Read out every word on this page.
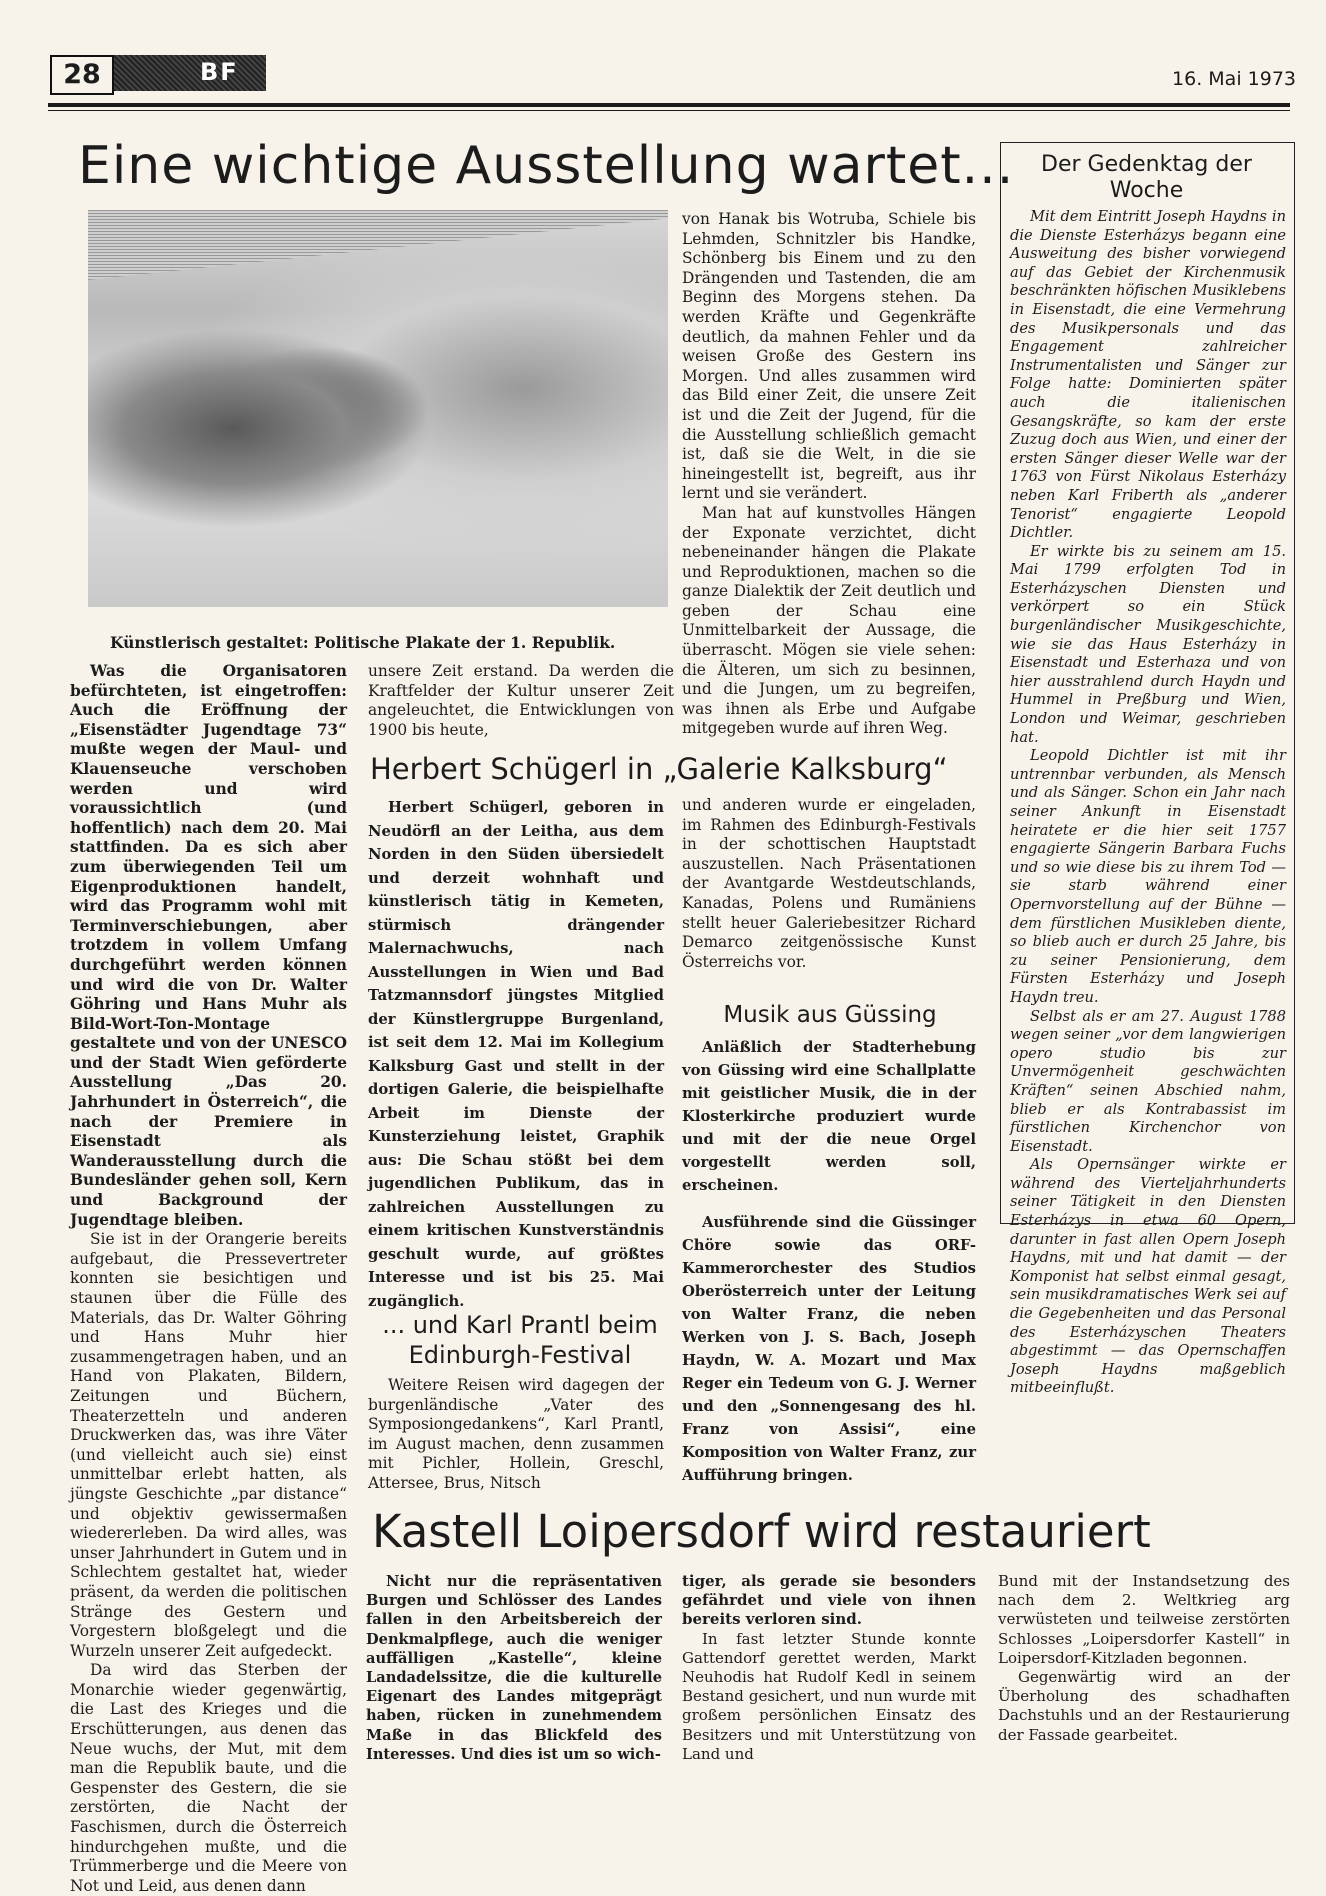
28	BF	16. Mai 1973
Eine wichtige Ausstellung wartet...
Künstlerisch gestaltet: Politische Plakate der 1. Republik.

Was die Organisatoren befürchteten, ist eingetroffen: Auch die Eröffnung der „Eisenstädter Jugendtage 73“ mußte wegen der Maul- und Klauenseuche verschoben werden und wird voraussichtlich (und hoffentlich) nach dem 20. Mai stattfinden. Da es sich aber zum überwiegenden Teil um Eigenproduktionen handelt, wird das Programm wohl mit Terminverschiebungen, aber trotzdem in vollem Umfang durchgeführt werden können und wird die von Dr. Walter Göhring und Hans Muhr als Bild-Wort-Ton-Montage gestaltete und von der UNESCO und der Stadt Wien geförderte Ausstellung „Das 20. Jahrhundert in Österreich“, die nach der Premiere in Eisenstadt als Wanderausstellung durch die Bundesländer gehen soll, Kern und Background der Jugendtage bleiben.

Sie ist in der Orangerie bereits aufgebaut, die Pressevertreter konnten sie besichtigen und staunen über die Fülle des Materials, das Dr. Walter Göhring und Hans Muhr hier zusammengetragen haben, und an Hand von Plakaten, Bildern, Zeitungen und Büchern, Theaterzetteln und anderen Druckwerken das, was ihre Väter (und vielleicht auch sie) einst unmittelbar erlebt hatten, als jüngste Geschichte „par distance“ und objektiv gewissermaßen wiedererleben. Da wird alles, was unser Jahrhundert in Gutem und in Schlechtem gestaltet hat, wieder präsent, da werden die politischen Stränge des Gestern und Vorgestern bloßgelegt und die Wurzeln unserer Zeit aufgedeckt.

Da wird das Sterben der Monarchie wieder gegenwärtig, die Last des Krieges und die Erschütterungen, aus denen das Neue wuchs, der Mut, mit dem man die Republik baute, und die Gespenster des Gestern, die sie zerstörten, die Nacht der Faschismen, durch die Österreich hindurchgehen mußte, und die Trümmerberge und die Meere von Not und Leid, aus denen dann

unsere Zeit erstand. Da werden die Kraftfelder der Kultur unserer Zeit angeleuchtet, die Entwicklungen von 1900 bis heute,

von Hanak bis Wotruba, Schiele bis Lehmden, Schnitzler bis Handke, Schönberg bis Einem und zu den Drängenden und Tastenden, die am Beginn des Morgens stehen. Da werden Kräfte und Gegenkräfte deutlich, da mahnen Fehler und da weisen Große des Gestern ins Morgen. Und alles zusammen wird das Bild einer Zeit, die unsere Zeit ist und die Zeit der Jugend, für die die Ausstellung schließlich gemacht ist, daß sie die Welt, in die sie hineingestellt ist, begreift, aus ihr lernt und sie verändert.

Man hat auf kunstvolles Hängen der Exponate verzichtet, dicht nebeneinander hängen die Plakate und Reproduktionen, machen so die ganze Dialektik der Zeit deutlich und geben der Schau eine Unmittelbarkeit der Aussage, die überrascht. Mögen sie viele sehen: die Älteren, um sich zu besinnen, und die Jungen, um zu begreifen, was ihnen als Erbe und Aufgabe mitgegeben wurde auf ihren Weg.

Herbert Schügerl in „Galerie Kalksburg“

Herbert Schügerl, geboren in Neudörfl an der Leitha, aus dem Norden in den Süden übersiedelt und derzeit wohnhaft und künstlerisch tätig in Kemeten, stürmisch drängender Malernachwuchs, nach Ausstellungen in Wien und Bad Tatzmannsdorf jüngstes Mitglied der Künstlergruppe Burgenland, ist seit dem 12. Mai im Kollegium Kalksburg Gast und stellt in der dortigen Galerie, die beispielhafte Arbeit im Dienste der Kunsterziehung leistet, Graphik aus: Die Schau stößt bei dem jugendlichen Publikum, das in zahlreichen Ausstellungen zu einem kritischen Kunstverständnis geschult wurde, auf größtes Interesse und ist bis 25. Mai zugänglich.

und anderen wurde er eingeladen, im Rahmen des Edinburgh-Festivals in der schottischen Hauptstadt auszustellen. Nach Präsentationen der Avantgarde Westdeutschlands, Kanadas, Polens und Rumäniens stellt heuer Galeriebesitzer Richard Demarco zeitgenössische Kunst Österreichs vor.

... und Karl Prantl beim Edinburgh-Festival

Weitere Reisen wird dagegen der burgenländische „Vater des Symposiongedankens“, Karl Prantl, im August machen, denn zusammen mit Pichler, Hollein, Greschl, Attersee, Brus, Nitsch

Musik aus Güssing

Anläßlich der Stadterhebung von Güssing wird eine Schallplatte mit geistlicher Musik, die in der Klosterkirche produziert wurde und mit der die neue Orgel vorgestellt werden soll, erscheinen.

Ausführende sind die Güssinger Chöre sowie das ORF-Kammerorchester des Studios Oberösterreich unter der Leitung von Walter Franz, die neben Werken von J. S. Bach, Joseph Haydn, W. A. Mozart und Max Reger ein Tedeum von G. J. Werner und den „Sonnengesang des hl. Franz von Assisi“, eine Komposition von Walter Franz, zur Aufführung bringen.

Der Gedenktag der Woche

Mit dem Eintritt Joseph Haydns in die Dienste Esterházys begann eine Ausweitung des bisher vorwiegend auf das Gebiet der Kirchenmusik beschränkten höfischen Musiklebens in Eisenstadt, die eine Vermehrung des Musikpersonals und das Engagement zahlreicher Instrumentalisten und Sänger zur Folge hatte: Dominierten später auch die italienischen Gesangskräfte, so kam der erste Zuzug doch aus Wien, und einer der ersten Sänger dieser Welle war der 1763 von Fürst Nikolaus Esterházy neben Karl Friberth als „anderer Tenorist“ engagierte Leopold Dichtler.

Er wirkte bis zu seinem am 15. Mai 1799 erfolgten Tod in Esterházyschen Diensten und verkörpert so ein Stück burgenländischer Musikgeschichte, wie sie das Haus Esterházy in Eisenstadt und Esterhaza und von hier ausstrahlend durch Haydn und Hummel in Preßburg und Wien, London und Weimar, geschrieben hat.

Leopold Dichtler ist mit ihr untrennbar verbunden, als Mensch und als Sänger. Schon ein Jahr nach seiner Ankunft in Eisenstadt heiratete er die hier seit 1757 engagierte Sängerin Barbara Fuchs und so wie diese bis zu ihrem Tod — sie starb während einer Opernvorstellung auf der Bühne — dem fürstlichen Musikleben diente, so blieb auch er durch 25 Jahre, bis zu seiner Pensionierung, dem Fürsten Esterházy und Joseph Haydn treu.

Selbst als er am 27. August 1788 wegen seiner „vor dem langwierigen opero studio bis zur Unvermögenheit geschwächten Kräften“ seinen Abschied nahm, blieb er als Kontrabassist im fürstlichen Kirchenchor von Eisenstadt.

Als Opernsänger wirkte er während des Vierteljahrhunderts seiner Tätigkeit in den Diensten Esterházys in etwa 60 Opern, darunter in fast allen Opern Joseph Haydns, mit und hat damit — der Komponist hat selbst einmal gesagt, sein musikdramatisches Werk sei auf die Gegebenheiten und das Personal des Esterházyschen Theaters abgestimmt — das Opernschaffen Joseph Haydns maßgeblich mitbeeinflußt.

Kastell Loipersdorf wird restauriert

Nicht nur die repräsentativen Burgen und Schlösser des Landes fallen in den Arbeitsbereich der Denkmalpflege, auch die weniger auffälligen „Kastelle“, kleine Landadelssitze, die die kulturelle Eigenart des Landes mitgeprägt haben, rücken in zunehmendem Maße in das Blickfeld des Interesses. Und dies ist um so wich-

tiger, als gerade sie besonders gefährdet und viele von ihnen bereits verloren sind.

In fast letzter Stunde konnte Gattendorf gerettet werden, Markt Neuhodis hat Rudolf Kedl in seinem Bestand gesichert, und nun wurde mit großem persönlichen Einsatz des Besitzers und mit Unterstützung von Land und

Bund mit der Instandsetzung des nach dem 2. Weltkrieg arg verwüsteten und teilweise zerstörten Schlosses „Loipersdorfer Kastell“ in Loipersdorf-Kitzladen begonnen.

Gegenwärtig wird an der Überholung des schadhaften Dachstuhls und an der Restaurierung der Fassade gearbeitet.
